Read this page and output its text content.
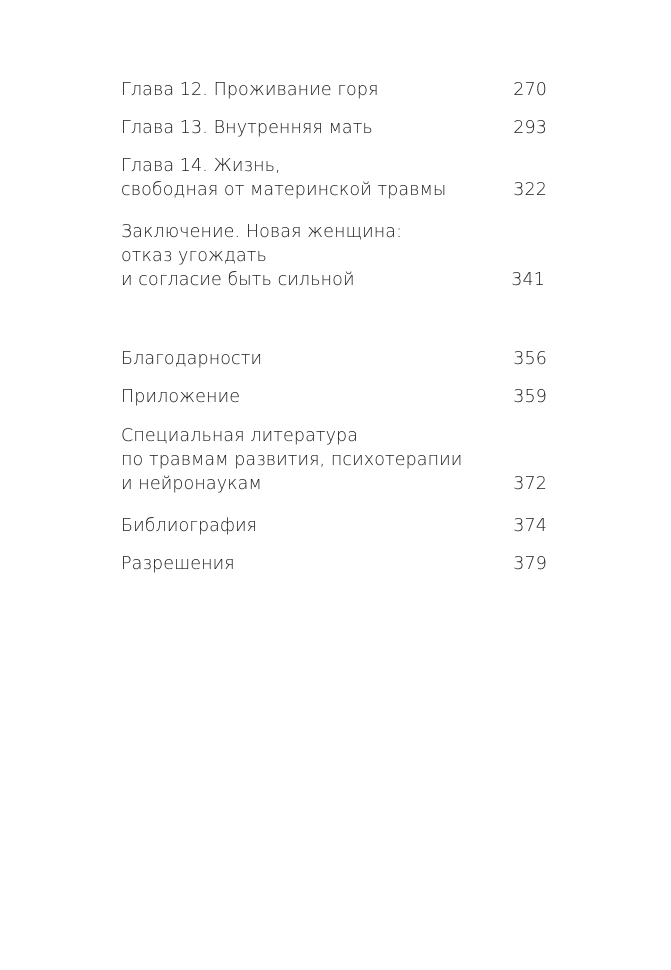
Глава 12. Проживание горя	270
Глава 13. Внутренняя мать	293
Глава 14. Жизнь,
свободная от материнской травмы	322
Заключение. Новая женщина:
отказ угождать
и согласие быть сильной	341
Благодарности	356
Приложение	359
Специальная литература
по травмам развития, психотерапии
и нейронаукам	372
Библиография	374
Разрешения	379
